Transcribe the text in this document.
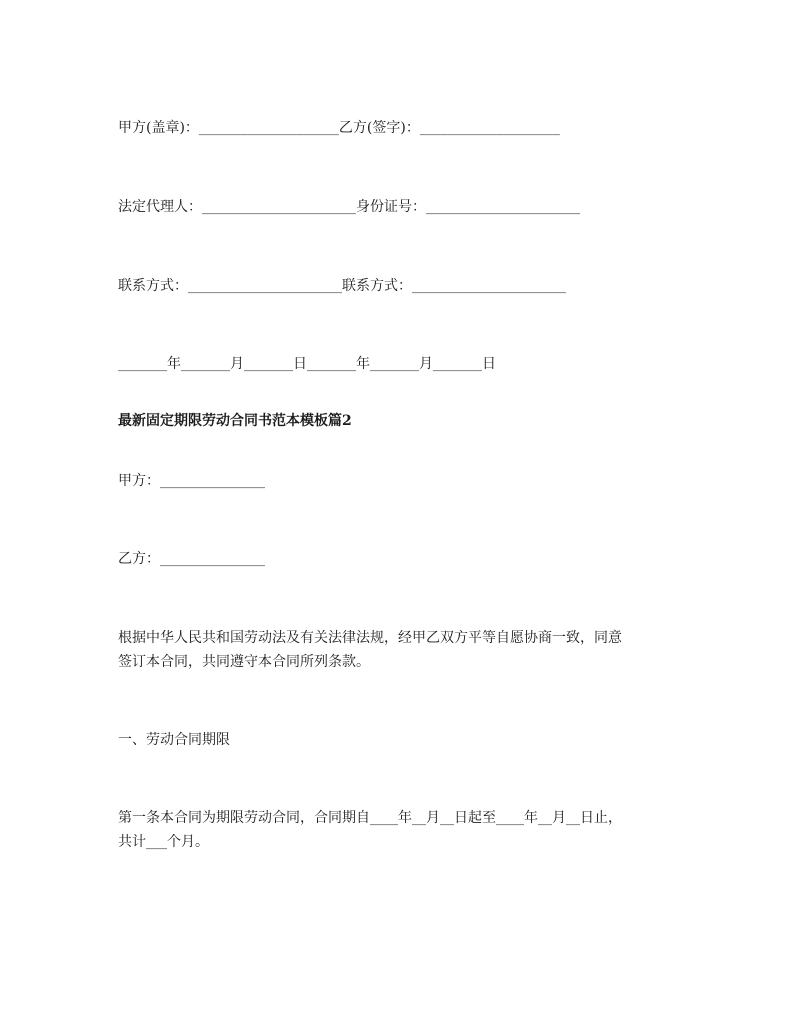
甲方(盖章)：____________________乙方(签字)：____________________
法定代理人：______________________身份证号：______________________
联系方式：______________________联系方式：______________________
_______年_______月_______日_______年_______月_______日
最新固定期限劳动合同书范本模板篇2
甲方：_______________
乙方：_______________
根据中华人民共和国劳动法及有关法律法规，经甲乙双方平等自愿协商一致，同意
签订本合同，共同遵守本合同所列条款。
一、劳动合同期限
第一条本合同为期限劳动合同，合同期自____年__月__日起至____年__月__日止，
共计___个月。
